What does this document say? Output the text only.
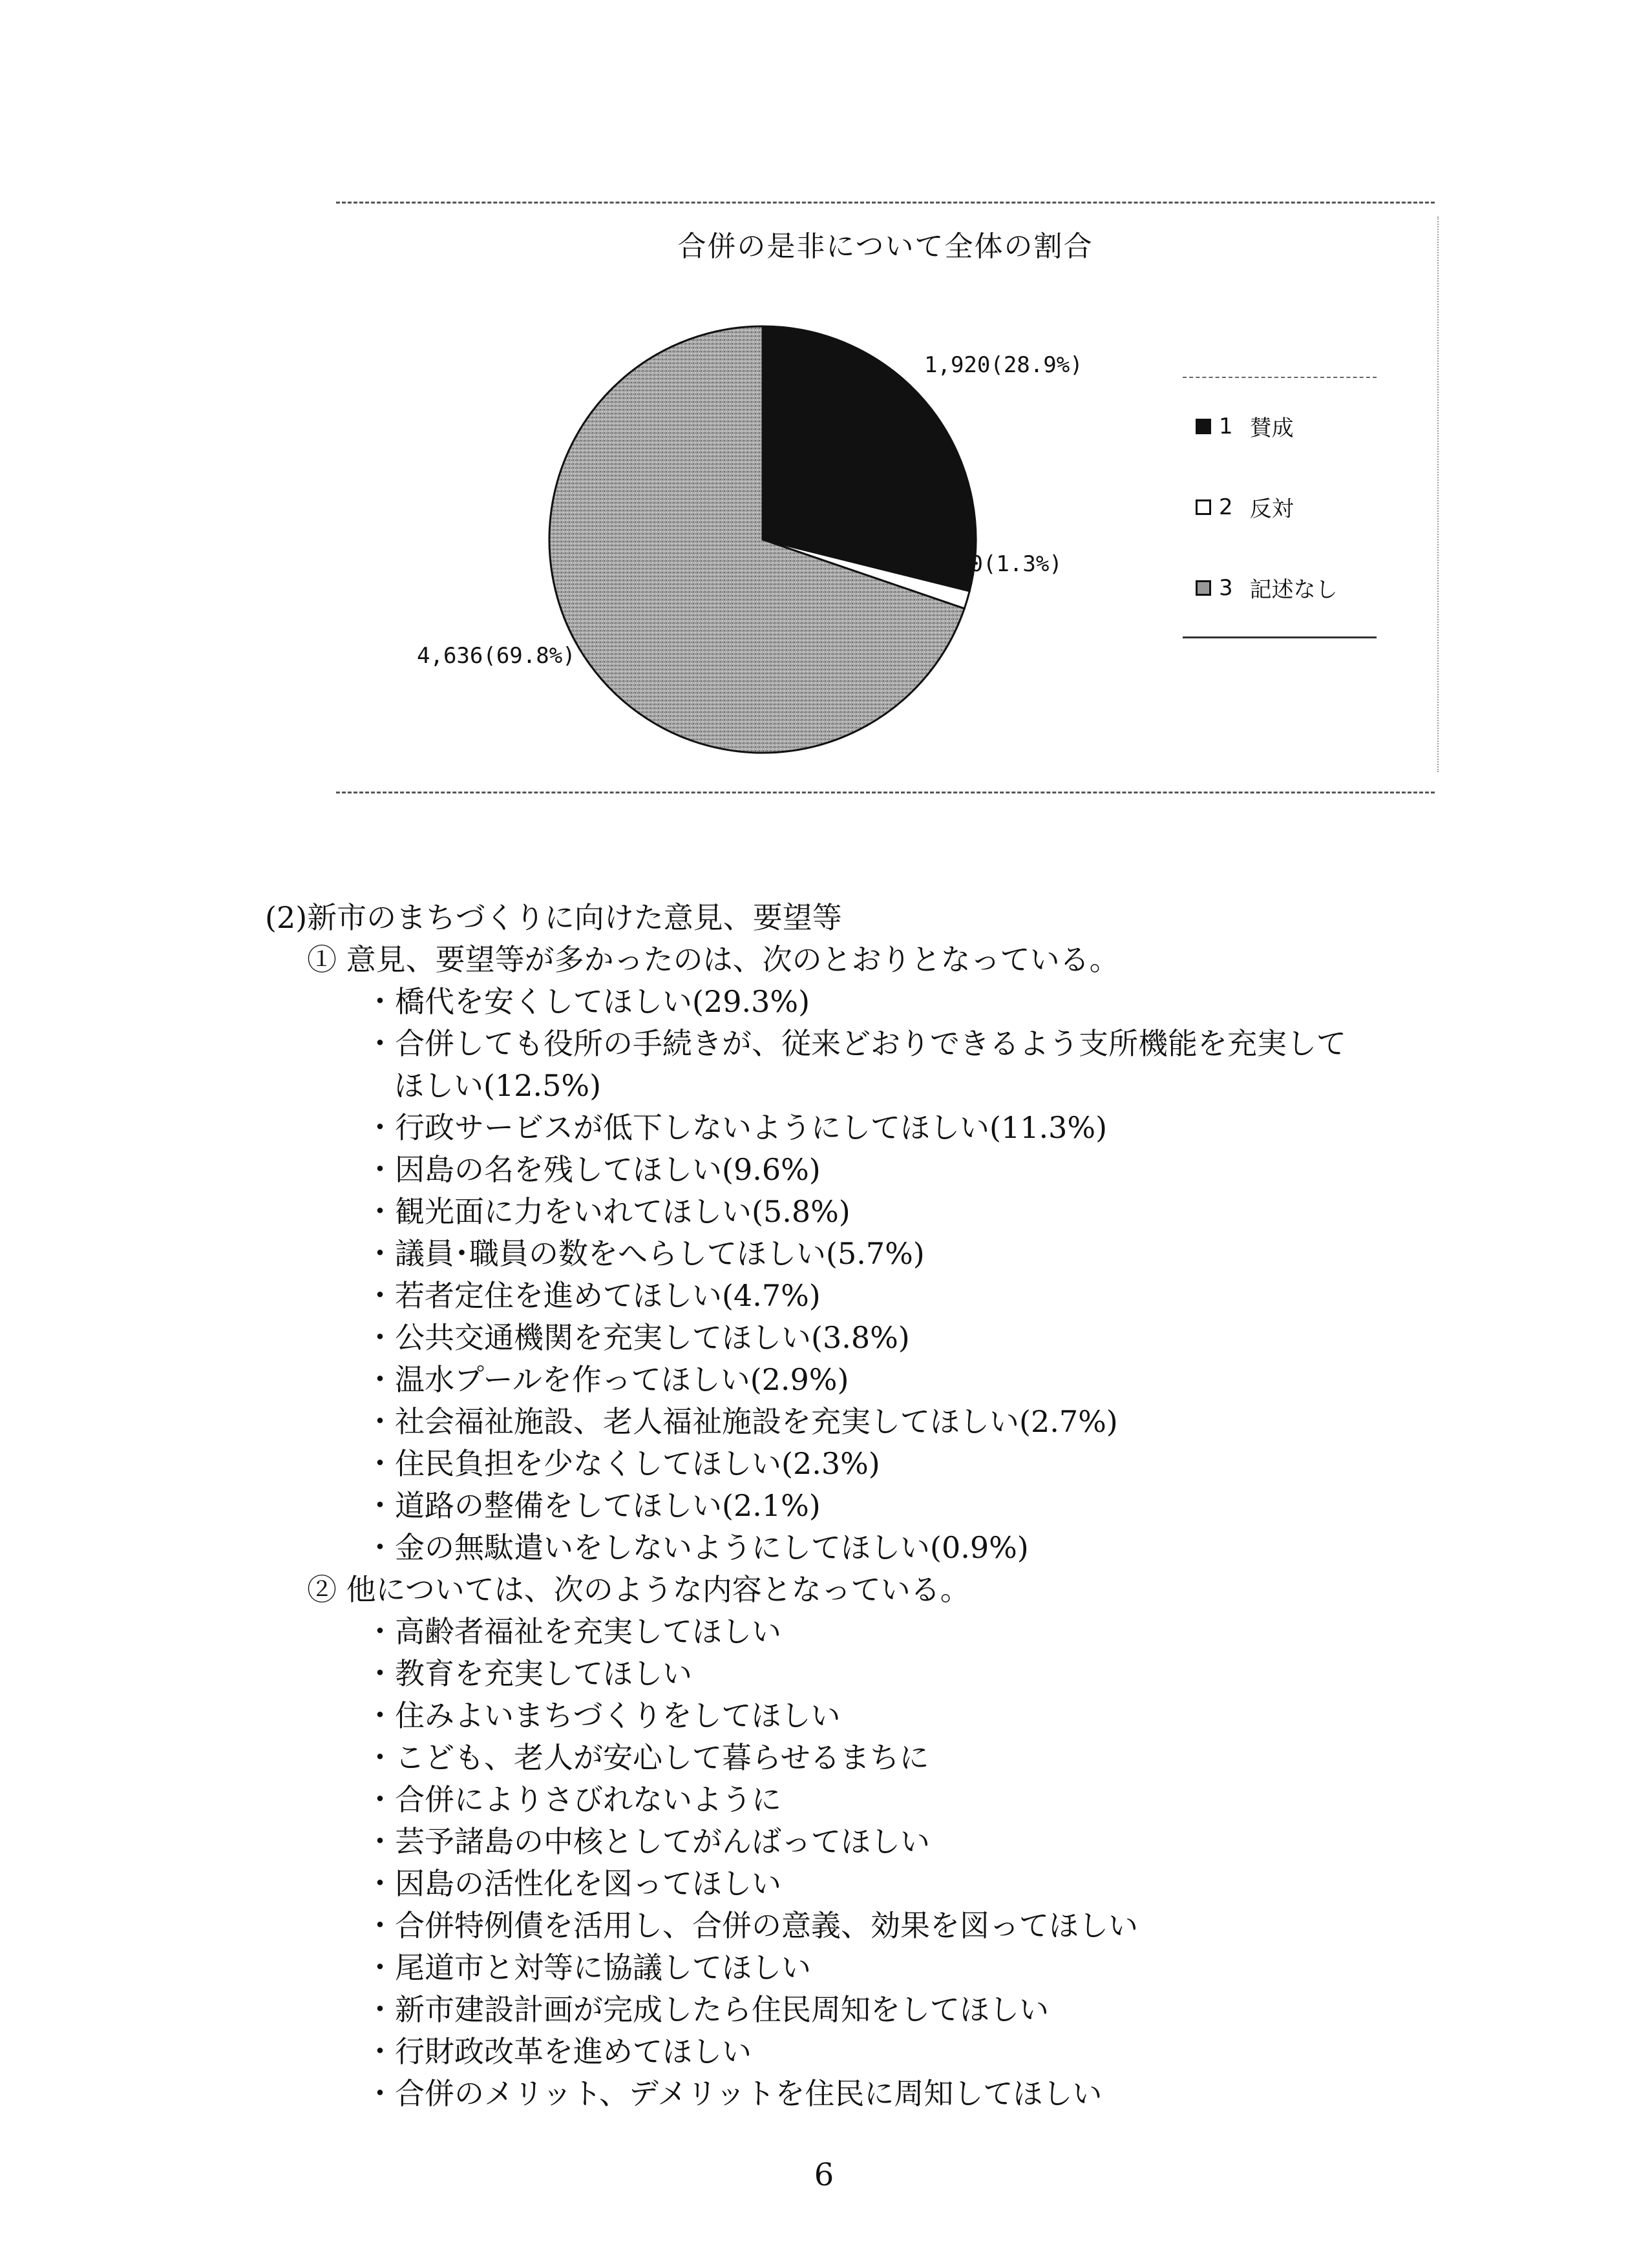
合併の是非について全体の割合
1,920(28.9%)
90(1.3%)
4,636(69.8%)
1 賛成
2 反対
3 記述なし
(2)新市のまちづくりに向けた意見、要望等
① 意見、要望等が多かったのは、次のとおりとなっている。
・橋代を安くしてほしい(29.3%)
・合併しても役所の手続きが、従来どおりできるよう支所機能を充実して
ほしい(12.5%)
・行政サービスが低下しないようにしてほしい(11.3%)
・因島の名を残してほしい(9.6%)
・観光面に力をいれてほしい(5.8%)
・議員･職員の数をへらしてほしい(5.7%)
・若者定住を進めてほしい(4.7%)
・公共交通機関を充実してほしい(3.8%)
・温水プールを作ってほしい(2.9%)
・社会福祉施設、老人福祉施設を充実してほしい(2.7%)
・住民負担を少なくしてほしい(2.3%)
・道路の整備をしてほしい(2.1%)
・金の無駄遣いをしないようにしてほしい(0.9%)
② 他については、次のような内容となっている。
・高齢者福祉を充実してほしい
・教育を充実してほしい
・住みよいまちづくりをしてほしい
・こども、老人が安心して暮らせるまちに
・合併によりさびれないように
・芸予諸島の中核としてがんばってほしい
・因島の活性化を図ってほしい
・合併特例債を活用し、合併の意義、効果を図ってほしい
・尾道市と対等に協議してほしい
・新市建設計画が完成したら住民周知をしてほしい
・行財政改革を進めてほしい
・合併のメリット、デメリットを住民に周知してほしい
6
